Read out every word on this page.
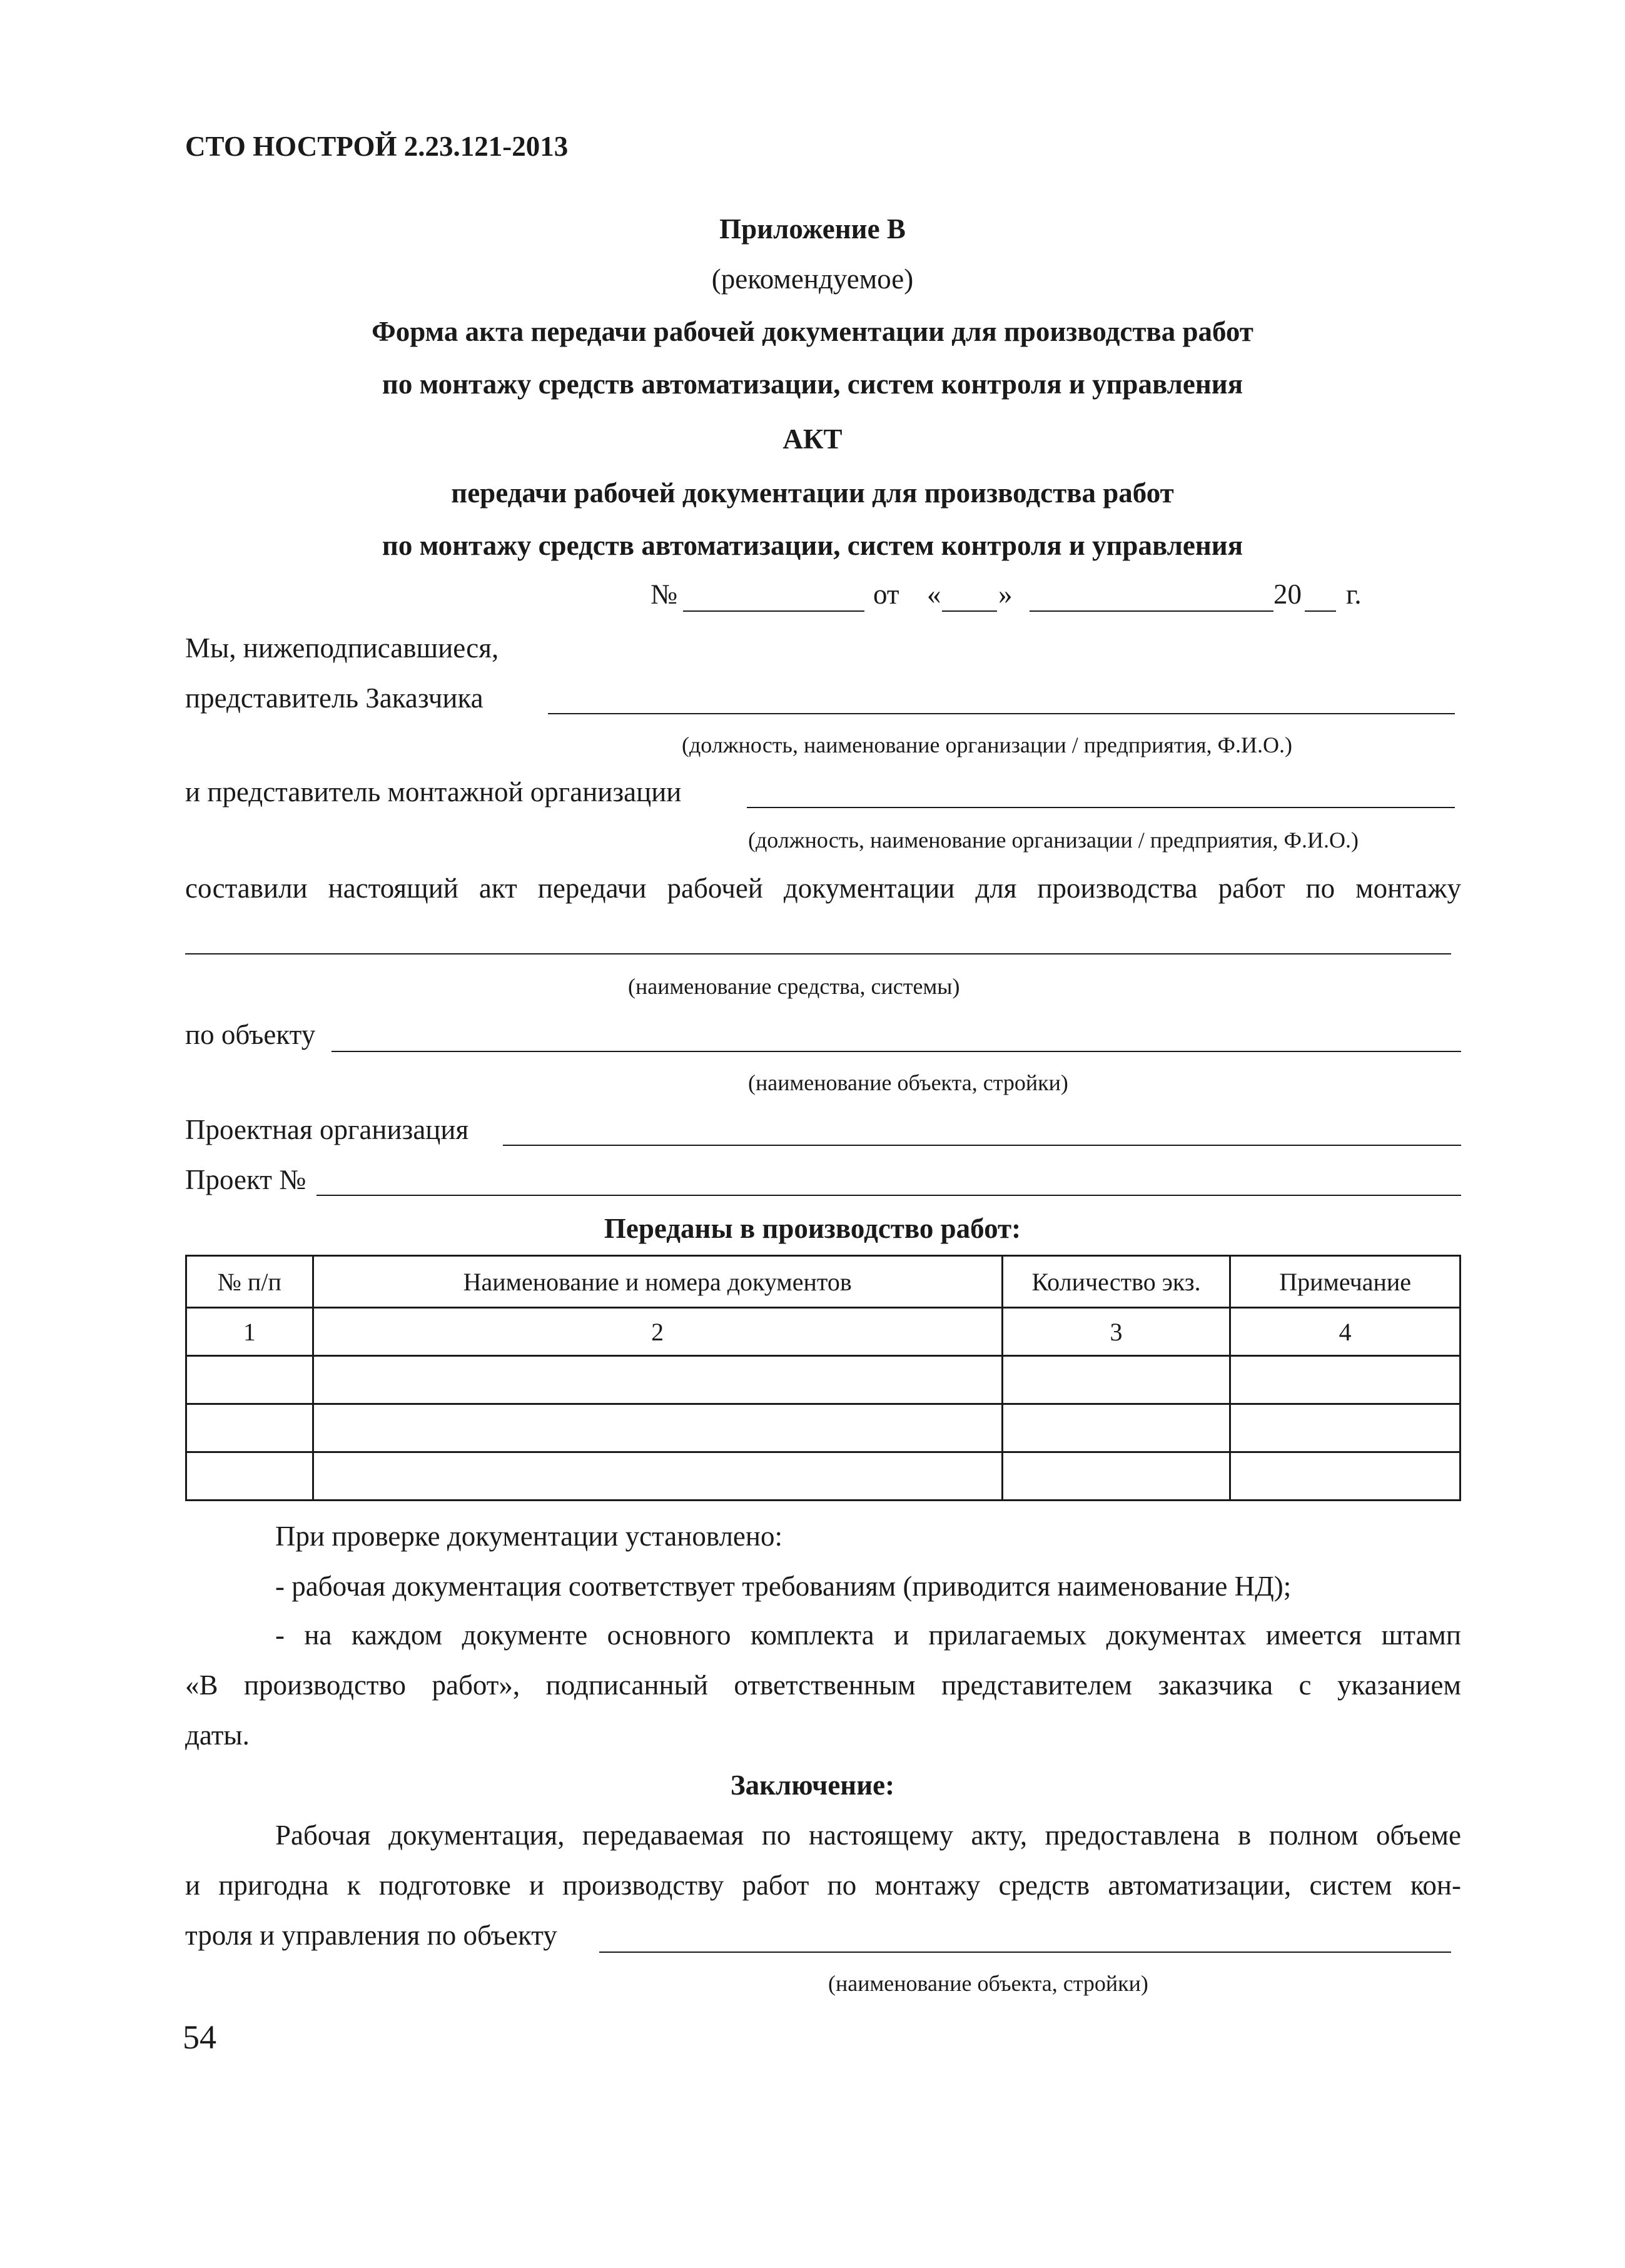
СТО НОСТРОЙ 2.23.121-2013
Приложение В
(рекомендуемое)
Форма акта передачи рабочей документации для производства работ
по монтажу средств автоматизации, систем контроля и управления
АКТ
передачи рабочей документации для производства работ
по монтажу средств автоматизации, систем контроля и управления
№	от « »	20 г.
Мы, нижеподписавшиеся,
представитель Заказчика
(должность, наименование организации / предприятия, Ф.И.О.)
и представитель монтажной организации
(должность, наименование организации / предприятия, Ф.И.О.)
составили настоящий акт передачи рабочей документации для производства работ по монтажу
(наименование средства, системы)
по объекту
(наименование объекта, стройки)
Проектная организация
Проект №
Переданы в производство работ:
№ п/п	Наименование и номера документов	Количество экз.	Примечание
1	2	3	4

При проверке документации установлено:
- рабочая документация соответствует требованиям (приводится наименование НД);
- на каждом документе основного комплекта и прилагаемых документах имеется штамп
«В производство работ», подписанный ответственным представителем заказчика с указанием
даты.
Заключение:
Рабочая документация, передаваемая по настоящему акту, предоставлена в полном объеме
и пригодна к подготовке и производству работ по монтажу средств автоматизации, систем кон-
троля и управления по объекту
(наименование объекта, стройки)
54
